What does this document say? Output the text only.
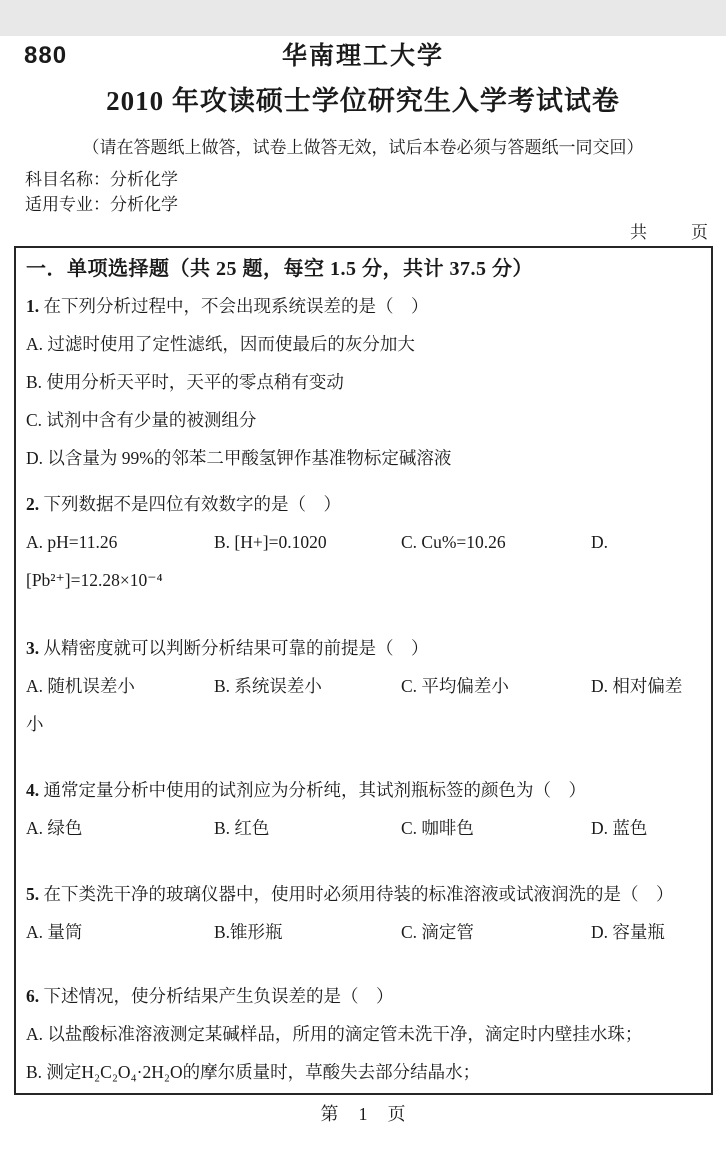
880	华南理工大学
2010 年攻读硕士学位研究生入学考试试卷
（请在答题纸上做答，试卷上做答无效，试后本卷必须与答题纸一同交回）
科目名称：分析化学
适用专业：分析化学
共	页
一．单项选择题（共 25 题，每空 1.5 分，共计 37.5 分）
1. 在下列分析过程中，不会出现系统误差的是（　）
A. 过滤时使用了定性滤纸，因而使最后的灰分加大
B. 使用分析天平时，天平的零点稍有变动
C. 试剂中含有少量的被测组分
D. 以含量为 99%的邻苯二甲酸氢钾作基准物标定碱溶液
2. 下列数据不是四位有效数字的是（　）
A. pH=11.26	B. [H+]=0.1020	C. Cu%=10.26	D.
[Pb²⁺]=12.28×10⁻⁴
3. 从精密度就可以判断分析结果可靠的前提是（　）
A. 随机误差小	B. 系统误差小	C. 平均偏差小	D. 相对偏差
小
4. 通常定量分析中使用的试剂应为分析纯，其试剂瓶标签的颜色为（　）
A. 绿色	B. 红色	C. 咖啡色	D. 蓝色
5. 在下类洗干净的玻璃仪器中，使用时必须用待装的标准溶液或试液润洗的是（　）
A. 量筒	B.锥形瓶	C. 滴定管	D. 容量瓶
6. 下述情况，使分析结果产生负误差的是（　）
A. 以盐酸标准溶液测定某碱样品，所用的滴定管未洗干净，滴定时内壁挂水珠；
B. 测定H₂C₂O₄·2H₂O的摩尔质量时，草酸失去部分结晶水；
第 1 页
